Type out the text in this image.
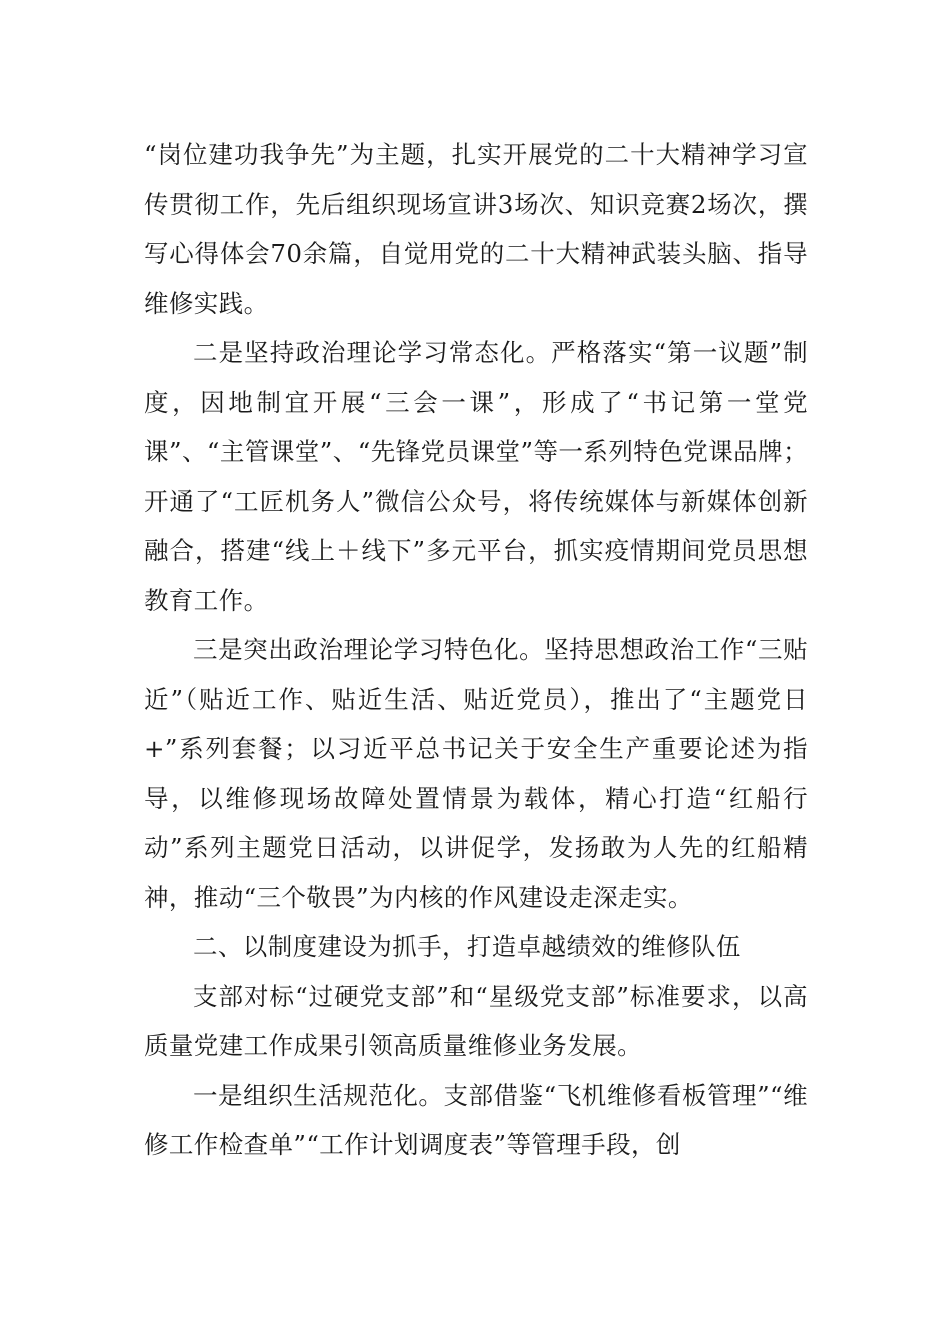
“岗位建功我争先”为主题，扎实开展党的二十大精神学习宣传贯彻工作，先后组织现场宣讲3场次、知识竞赛2场次，撰写心得体会70余篇，自觉用党的二十大精神武装头脑、指导维修实践。

二是坚持政治理论学习常态化。严格落实“第一议题”制度，因地制宜开展“三会一课”，形成了“书记第一堂党课”、“主管课堂”、“先锋党员课堂”等一系列特色党课品牌；开通了“工匠机务人”微信公众号，将传统媒体与新媒体创新融合，搭建“线上＋线下”多元平台，抓实疫情期间党员思想教育工作。

三是突出政治理论学习特色化。坚持思想政治工作“三贴近”（贴近工作、贴近生活、贴近党员），推出了“主题党日+”系列套餐；以习近平总书记关于安全生产重要论述为指导，以维修现场故障处置情景为载体，精心打造“红船行动”系列主题党日活动，以讲促学，发扬敢为人先的红船精神，推动“三个敬畏”为内核的作风建设走深走实。

二、以制度建设为抓手，打造卓越绩效的维修队伍

支部对标“过硬党支部”和“星级党支部”标准要求，以高质量党建工作成果引领高质量维修业务发展。

一是组织生活规范化。支部借鉴“飞机维修看板管理”“维修工作检查单”“工作计划调度表”等管理手段，创
